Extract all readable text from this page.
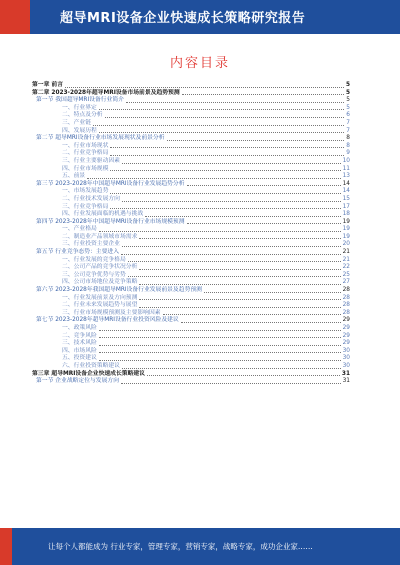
超导MRI设备企业快速成长策略研究报告
内容目录
第一章 前言	5
第二章 2023-2028年超导MRI设备市场前景及趋势预测	5
第一节 我国超导MRI设备行业简介	5
一、行业界定	5
二、特点及分析	6
三、产业链	7
四、发展历程	7
第二节 超导MRI设备行业市场发展现状及前景分析	8
一、行业市场现状	8
二、行业竞争格局	9
三、行业主要驱动因素	10
四、行业市场规模	11
五、前景	13
第三节 2023-2028年中国超导MRI设备行业发展趋势分析	14
一、市场发展趋势	14
二、行业技术发展方向	15
三、行业竞争格局	17
四、行业发展面临的机遇与挑战	18
第四节 2023-2028年中国超导MRI设备行业市场规模预测	19
一、产业格局	19
二、制造业产品领域市场需求	19
三、行业投资主要企业	20
第五节 行业竞争态势：主要进入	21
一、行业发展的竞争格局	21
二、公司产品的竞争状况分析	22
三、公司竞争优势与劣势	25
四、公司市场地位及竞争策略	27
第六节 2023-2028年我国超导MRI设备行业发展前景及趋势预测	28
一、行业发展前景及方向预测	28
二、行业未来发展趋势与展望	28
三、行业市场规模预测及主要影响因素	28
第七节 2023-2028年超导MRI设备行业投资风险及建议	29
一、政策风险	29
二、竞争风险	29
三、技术风险	29
四、市场风险	30
五、投资建议	30
六、行业投资策略建议	30
第三章 超导MRI设备企业快速成长策略建议	31
第一节 企业战略定位与发展方向	31
让每个人都能成为 行业专家，管理专家，营销专家，战略专家，成功企业家……
